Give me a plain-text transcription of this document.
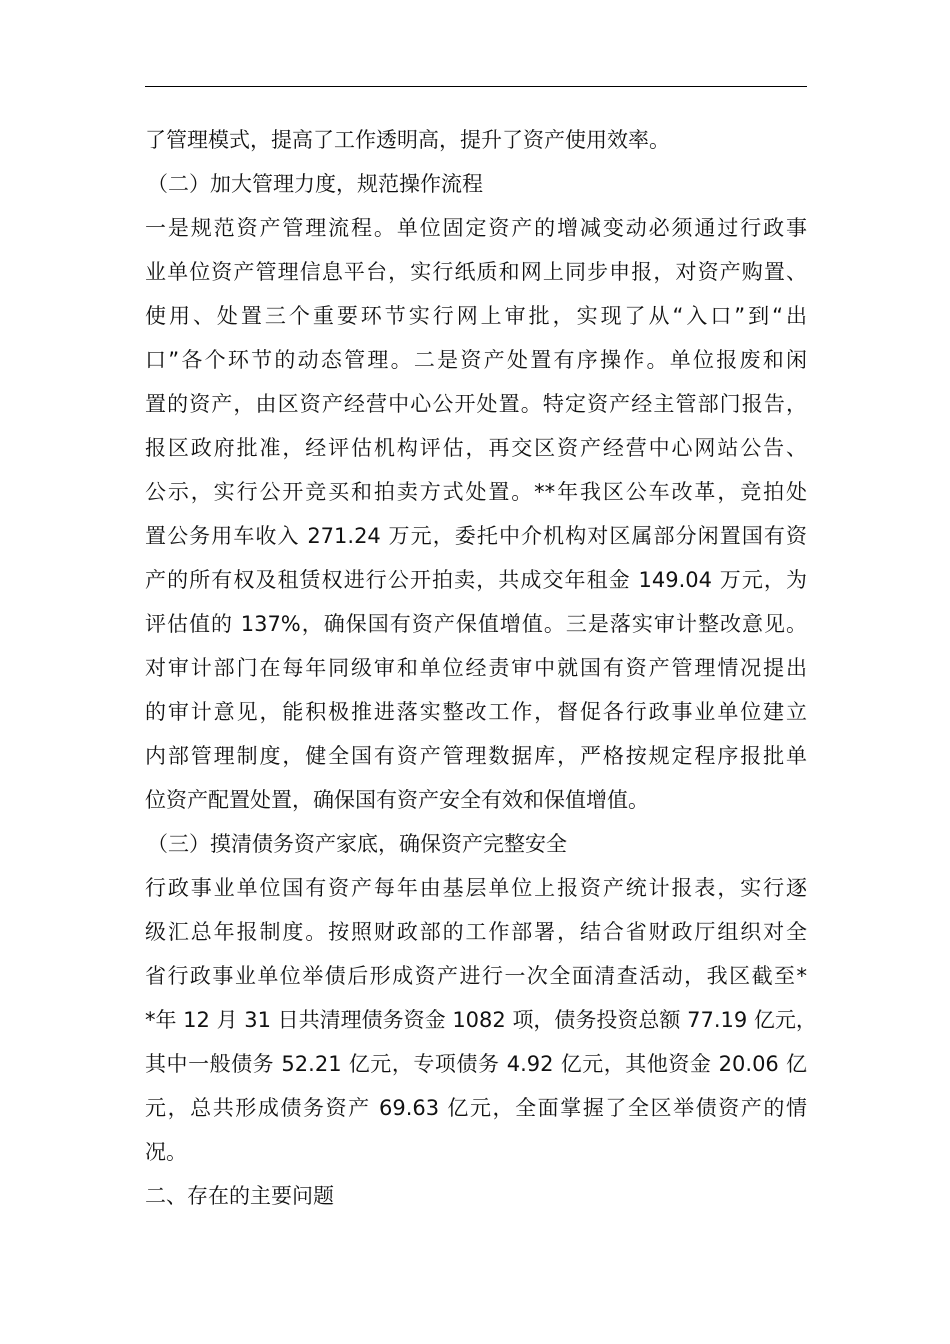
了管理模式，提高了工作透明高，提升了资产使用效率。
（二）加大管理力度，规范操作流程
一是规范资产管理流程。单位固定资产的增减变动必须通过行政事
业单位资产管理信息平台，实行纸质和网上同步申报，对资产购置、
使用、处置三个重要环节实行网上审批，实现了从“入口”到“出
口”各个环节的动态管理。二是资产处置有序操作。单位报废和闲
置的资产，由区资产经营中心公开处置。特定资产经主管部门报告，
报区政府批准，经评估机构评估，再交区资产经营中心网站公告、
公示，实行公开竞买和拍卖方式处置。**年我区公车改革，竞拍处
置公务用车收入 271.24 万元，委托中介机构对区属部分闲置国有资
产的所有权及租赁权进行公开拍卖，共成交年租金 149.04 万元，为
评估值的 137%，确保国有资产保值增值。三是落实审计整改意见。
对审计部门在每年同级审和单位经责审中就国有资产管理情况提出
的审计意见，能积极推进落实整改工作，督促各行政事业单位建立
内部管理制度，健全国有资产管理数据库，严格按规定程序报批单
位资产配置处置，确保国有资产安全有效和保值增值。
（三）摸清债务资产家底，确保资产完整安全
行政事业单位国有资产每年由基层单位上报资产统计报表，实行逐
级汇总年报制度。按照财政部的工作部署，结合省财政厅组织对全
省行政事业单位举债后形成资产进行一次全面清查活动，我区截至*
*年 12 月 31 日共清理债务资金 1082 项，债务投资总额 77.19 亿元，
其中一般债务 52.21 亿元，专项债务 4.92 亿元，其他资金 20.06 亿
元，总共形成债务资产 69.63 亿元，全面掌握了全区举债资产的情
况。
二、存在的主要问题
